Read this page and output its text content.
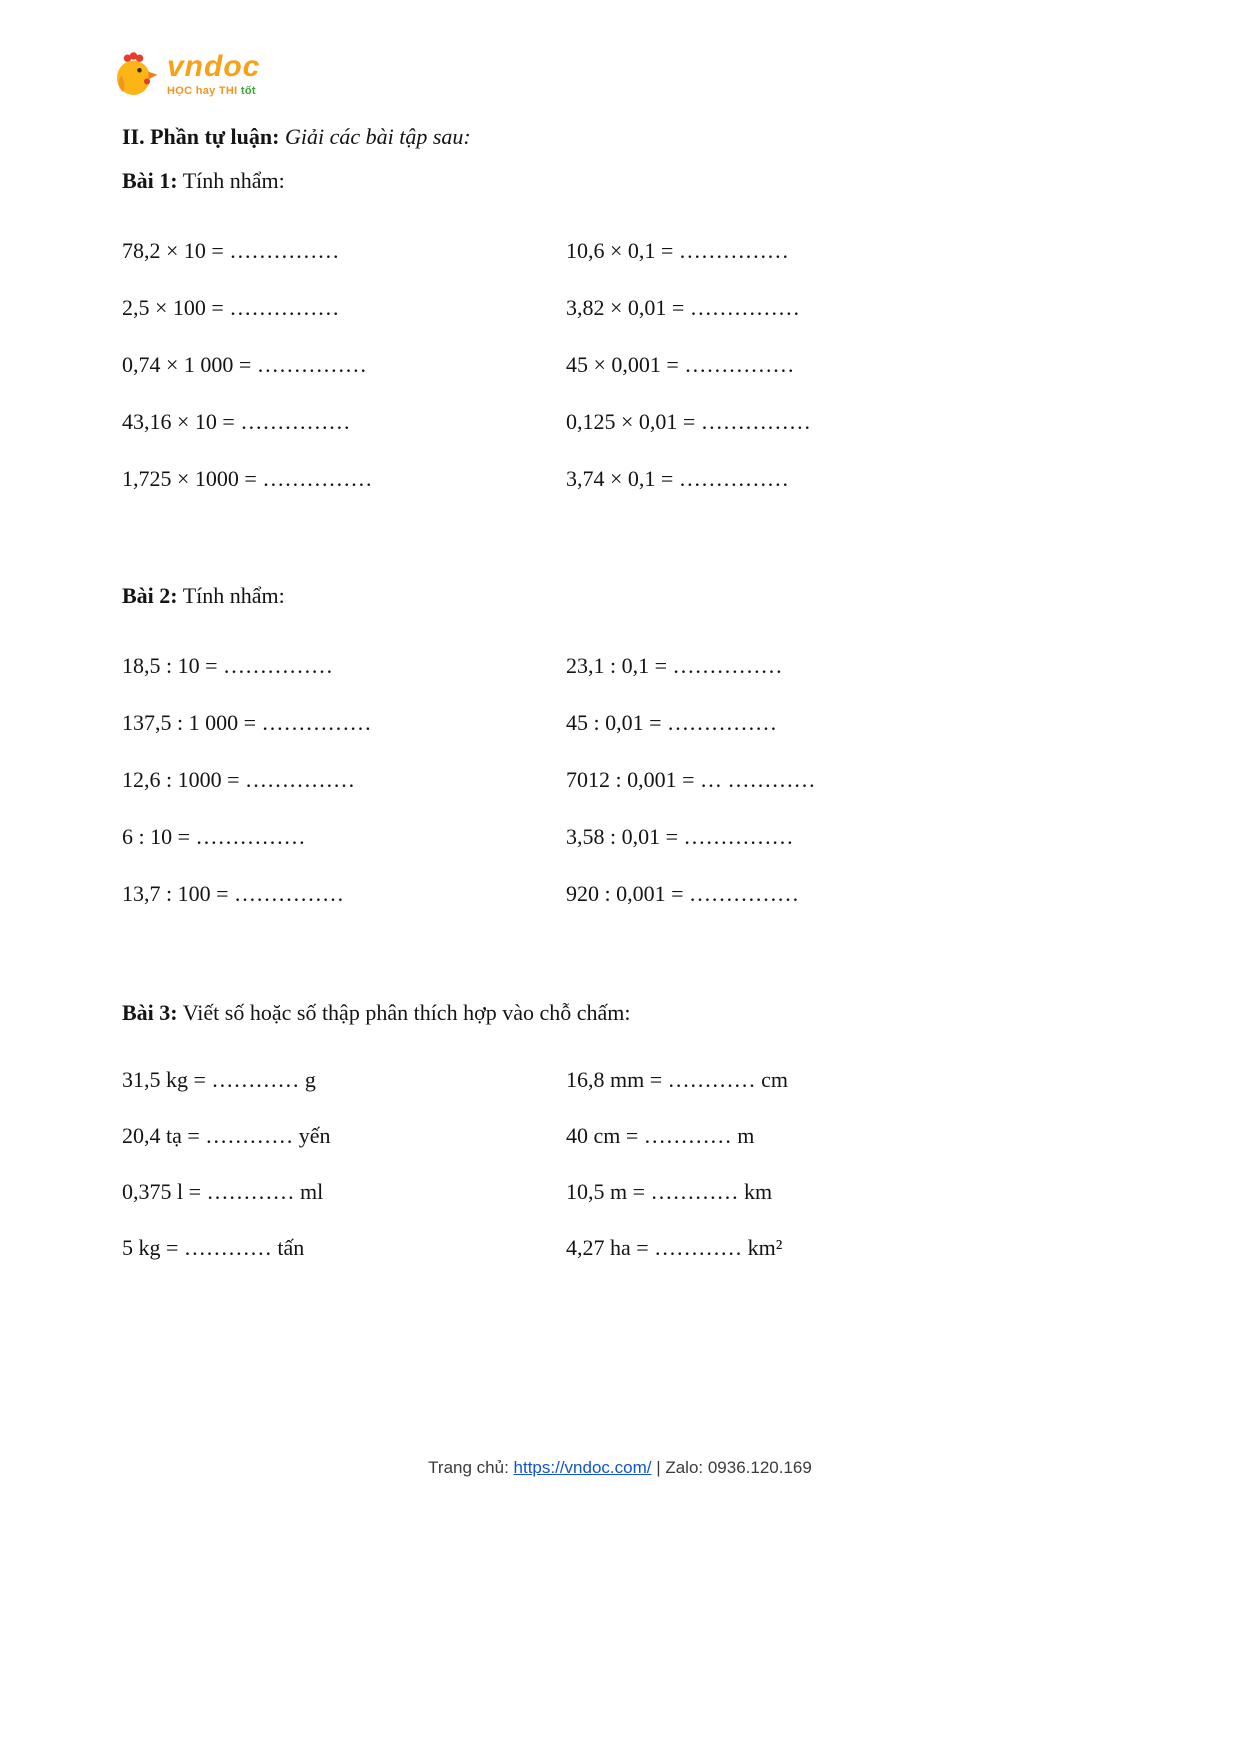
vndoc
HỌC hay THI tốt
II. Phần tự luận: Giải các bài tập sau:
Bài 1: Tính nhẩm:
78,2 × 10 = ……………	10,6 × 0,1 = ……………
2,5 × 100 = ……………	3,82 × 0,01 = ……………
0,74 × 1 000 = ……………	45 × 0,001 = ……………
43,16 × 10 = ……………	0,125 × 0,01 = ……………
1,725 × 1000 = ……………	3,74 × 0,1 = ……………
Bài 2: Tính nhẩm:
18,5 : 10 = ……………	23,1 : 0,1 = ……………
137,5 : 1 000 = ……………	45 : 0,01 = ……………
12,6 : 1000 = ……………	7012 : 0,001 = … …………
6 : 10 = ……………	3,58 : 0,01 = ……………
13,7 : 100 = ……………	920 : 0,001 = ……………
Bài 3: Viết số hoặc số thập phân thích hợp vào chỗ chấm:
31,5 kg = ………… g	16,8 mm = ………… cm
20,4 tạ = ………… yến	40 cm = ………… m
0,375 l = ………… ml	10,5 m = ………… km
5 kg = ………… tấn	4,27 ha = ………… km²
Trang chủ: https://vndoc.com/ | Zalo: 0936.120.169
